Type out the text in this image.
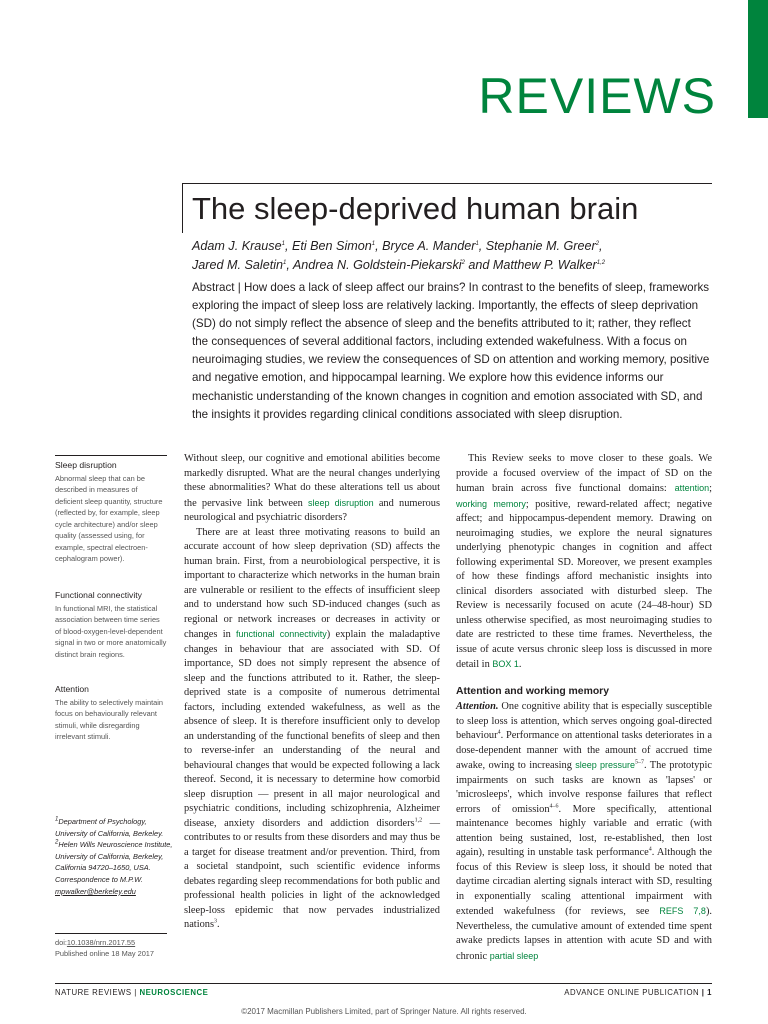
REVIEWS
The sleep-deprived human brain
Adam J. Krause$^1$, Eti Ben Simon$^1$, Bryce A. Mander$^1$, Stephanie M. Greer$^2$,
Jared M. Saletin$^1$, Andrea N. Goldstein-Piekarski$^2$ and Matthew P. Walker$^{1,2}$
Abstract | How does a lack of sleep affect our brains? In contrast to the benefits of sleep, frameworks exploring the impact of sleep loss are relatively lacking. Importantly, the effects of sleep deprivation (SD) do not simply reflect the absence of sleep and the benefits attributed to it; rather, they reflect the consequences of several additional factors, including extended wakefulness. With a focus on neuroimaging studies, we review the consequences of SD on attention and working memory, positive and negative emotion, and hippocampal learning. We explore how this evidence informs our mechanistic understanding of the known changes in cognition and emotion associated with SD, and the insights it provides regarding clinical conditions associated with sleep disruption.
Sleep disruption
Abnormal sleep that can be described in measures of deficient sleep quantity, structure (reflected by, for example, sleep cycle architecture) and/or sleep quality (assessed using, for example, spectral electroen-cephalogram power).
Functional connectivity
In functional MRI, the statistical association between time series of blood-oxygen-level-dependent signal in two or more anatomically distinct brain regions.
Attention
The ability to selectively maintain focus on behaviourally relevant stimuli, while disregarding irrelevant stimuli.
$^1$Department of Psychology, University of California, Berkeley.
$^2$Helen Wills Neuroscience Institute, University of California, Berkeley, California 94720–1650, USA.
Correspondence to M.P.W.
mpwalker@berkeley.edu
doi:10.1038/nrn.2017.55
Published online 18 May 2017

Without sleep, our cognitive and emotional abilities become markedly disrupted. What are the neural changes underlying these abnormalities? What do these alterations tell us about the pervasive link between sleep disruption and numerous neurological and psychiatric disorders?

There are at least three motivating reasons to build an accurate account of how sleep deprivation (SD) affects the human brain. First, from a neurobiological perspective, it is important to characterize which networks in the human brain are vulnerable or resilient to the effects of insufficient sleep and to understand how such SD-induced changes (such as regional or network increases or decreases in activity or changes in functional connectivity) explain the maladaptive changes in behaviour that are associated with SD. Of importance, SD does not simply represent the absence of sleep and the functions attributed to it. Rather, the sleep-deprived state is a composite of numerous detrimental factors, including extended wakefulness, as well as the absence of sleep. It is therefore insufficient only to develop an understanding of the functional benefits of sleep and then to reverse-infer an understanding of the neural and behavioural changes that would be expected following a lack thereof. Second, it is necessary to determine how comorbid sleep disruption — present in all major neurological and psychiatric conditions, including schizophrenia, Alzheimer disease, anxiety disorders and addiction disorders$^{1,2}$ — contributes to or results from these disorders and may thus be a target for disease treatment and/or prevention. Third, from a societal standpoint, such scientific evidence informs debates regarding sleep recommendations for both public and professional health policies in light of the acknowledged sleep-loss epidemic that now pervades industrialized nations$^3$.

This Review seeks to move closer to these goals. We provide a focused overview of the impact of SD on the human brain across five functional domains: attention; working memory; positive, reward-related affect; negative affect; and hippocampus-dependent memory. Drawing on neuroimaging studies, we explore the neural signatures underlying phenotypic changes in cognition and affect following experimental SD. Moreover, we present examples of how these findings afford mechanistic insights into clinical disorders associated with disturbed sleep. The Review is necessarily focused on acute (24–48-hour) SD unless otherwise specified, as most neuroimaging studies to date are restricted to these time frames. Nevertheless, the issue of acute versus chronic sleep loss is discussed in more detail in BOX 1.

Attention and working memory

Attention. One cognitive ability that is especially susceptible to sleep loss is attention, which serves ongoing goal-directed behaviour$^4$. Performance on attentional tasks deteriorates in a dose-dependent manner with the amount of accrued time awake, owing to increasing sleep pressure$^{5-7}$. The prototypic impairments on such tasks are known as 'lapses' or 'microsleeps', which involve response failures that reflect errors of omission$^{4-6}$. More specifically, attentional maintenance becomes highly variable and erratic (with attention being sustained, lost, re-established, then lost again), resulting in unstable task performance$^4$. Although the focus of this Review is sleep loss, it should be noted that daytime circadian alerting signals interact with SD, resulting in exponentially scaling attentional impairment with extended wakefulness (for reviews, see REFS 7,8). Nevertheless, the cumulative amount of extended time spent awake predicts lapses in attention with acute SD and with chronic partial sleep

NATURE REVIEWS | NEUROSCIENCE	ADVANCE ONLINE PUBLICATION | 1
©2017 Macmillan Publishers Limited, part of Springer Nature. All rights reserved.
